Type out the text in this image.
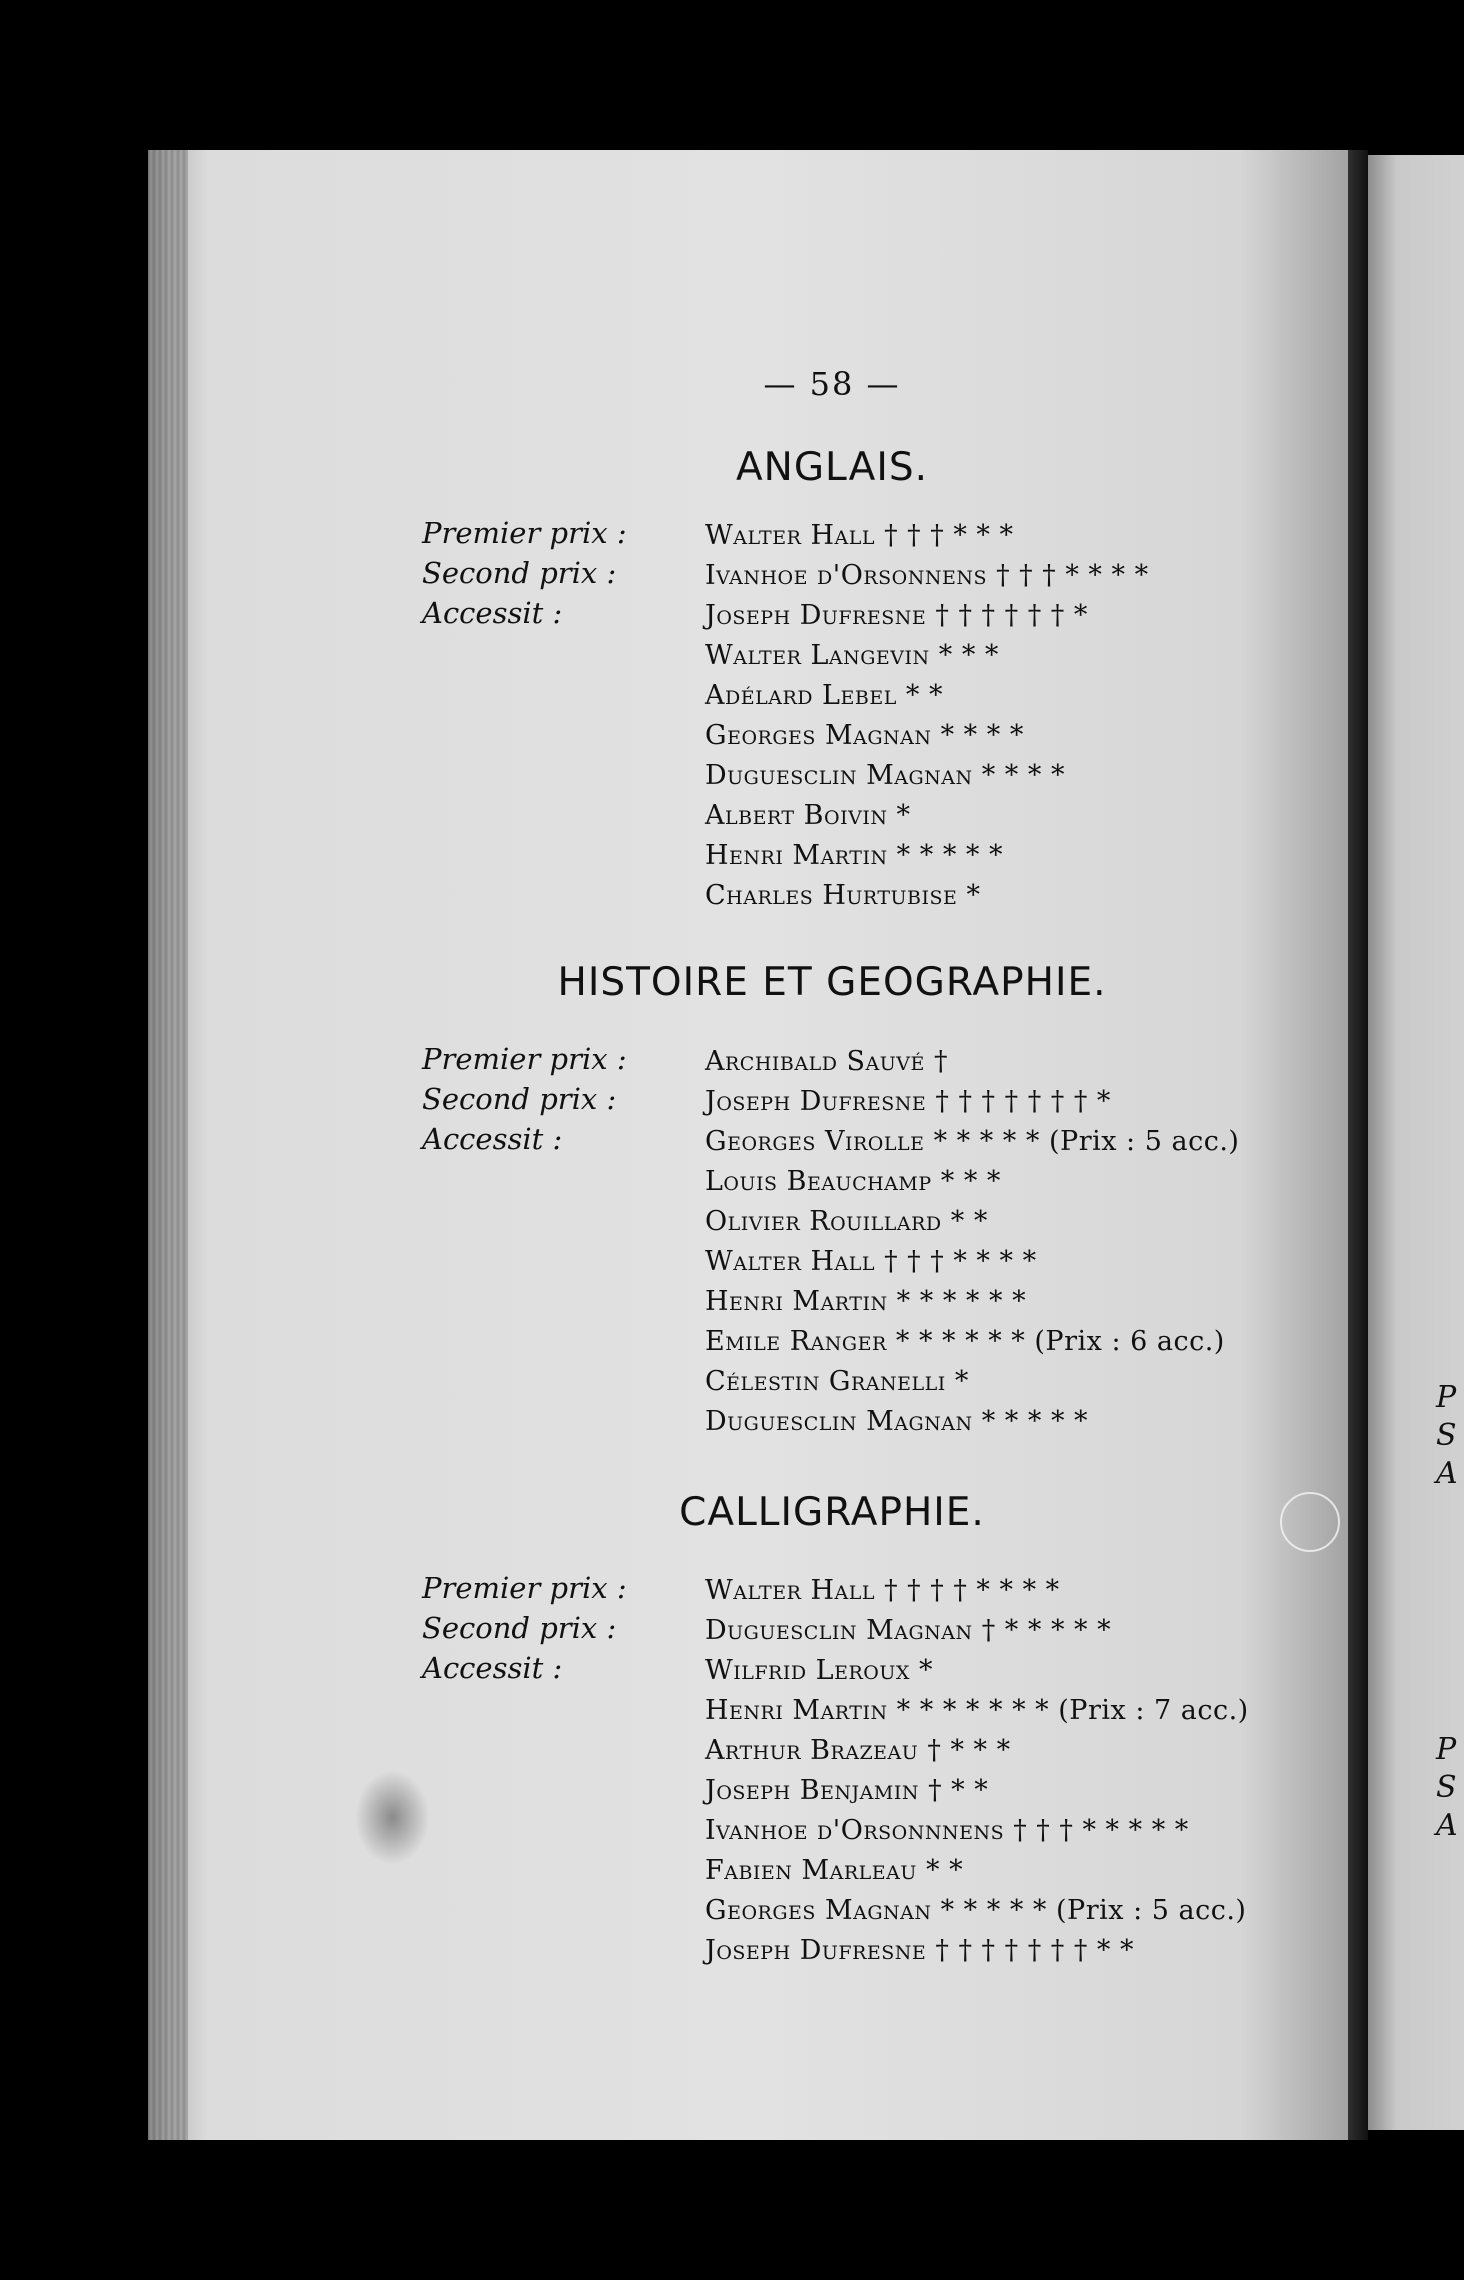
P
S
A
P
S
A
— 58 —
ANGLAIS.
Premier prix :
Second prix :
Accessit :
Walter Hall † † † * * *
Ivanhoe d'Orsonnens † † † * * * *
Joseph Dufresne † † † † † † *
Walter Langevin * * *
Adélard Lebel * *
Georges Magnan * * * *
Duguesclin Magnan * * * *
Albert Boivin *
Henri Martin * * * * *
Charles Hurtubise *
HISTOIRE ET GEOGRAPHIE.
Premier prix :
Second prix :
Accessit :
Archibald Sauvé †
Joseph Dufresne † † † † † † † *
Georges Virolle * * * * * (Prix : 5 acc.)
Louis Beauchamp * * *
Olivier Rouillard * *
Walter Hall † † † * * * *
Henri Martin * * * * * *
Emile Ranger * * * * * * (Prix : 6 acc.)
Célestin Granelli *
Duguesclin Magnan * * * * *
CALLIGRAPHIE.
Premier prix :
Second prix :
Accessit :
Walter Hall † † † † * * * *
Duguesclin Magnan † * * * * *
Wilfrid Leroux *
Henri Martin * * * * * * * (Prix : 7 acc.)
Arthur Brazeau † * * *
Joseph Benjamin † * *
Ivanhoe d'Orsonnnens † † † * * * * *
Fabien Marleau * *
Georges Magnan * * * * * (Prix : 5 acc.)
Joseph Dufresne † † † † † † † * *
